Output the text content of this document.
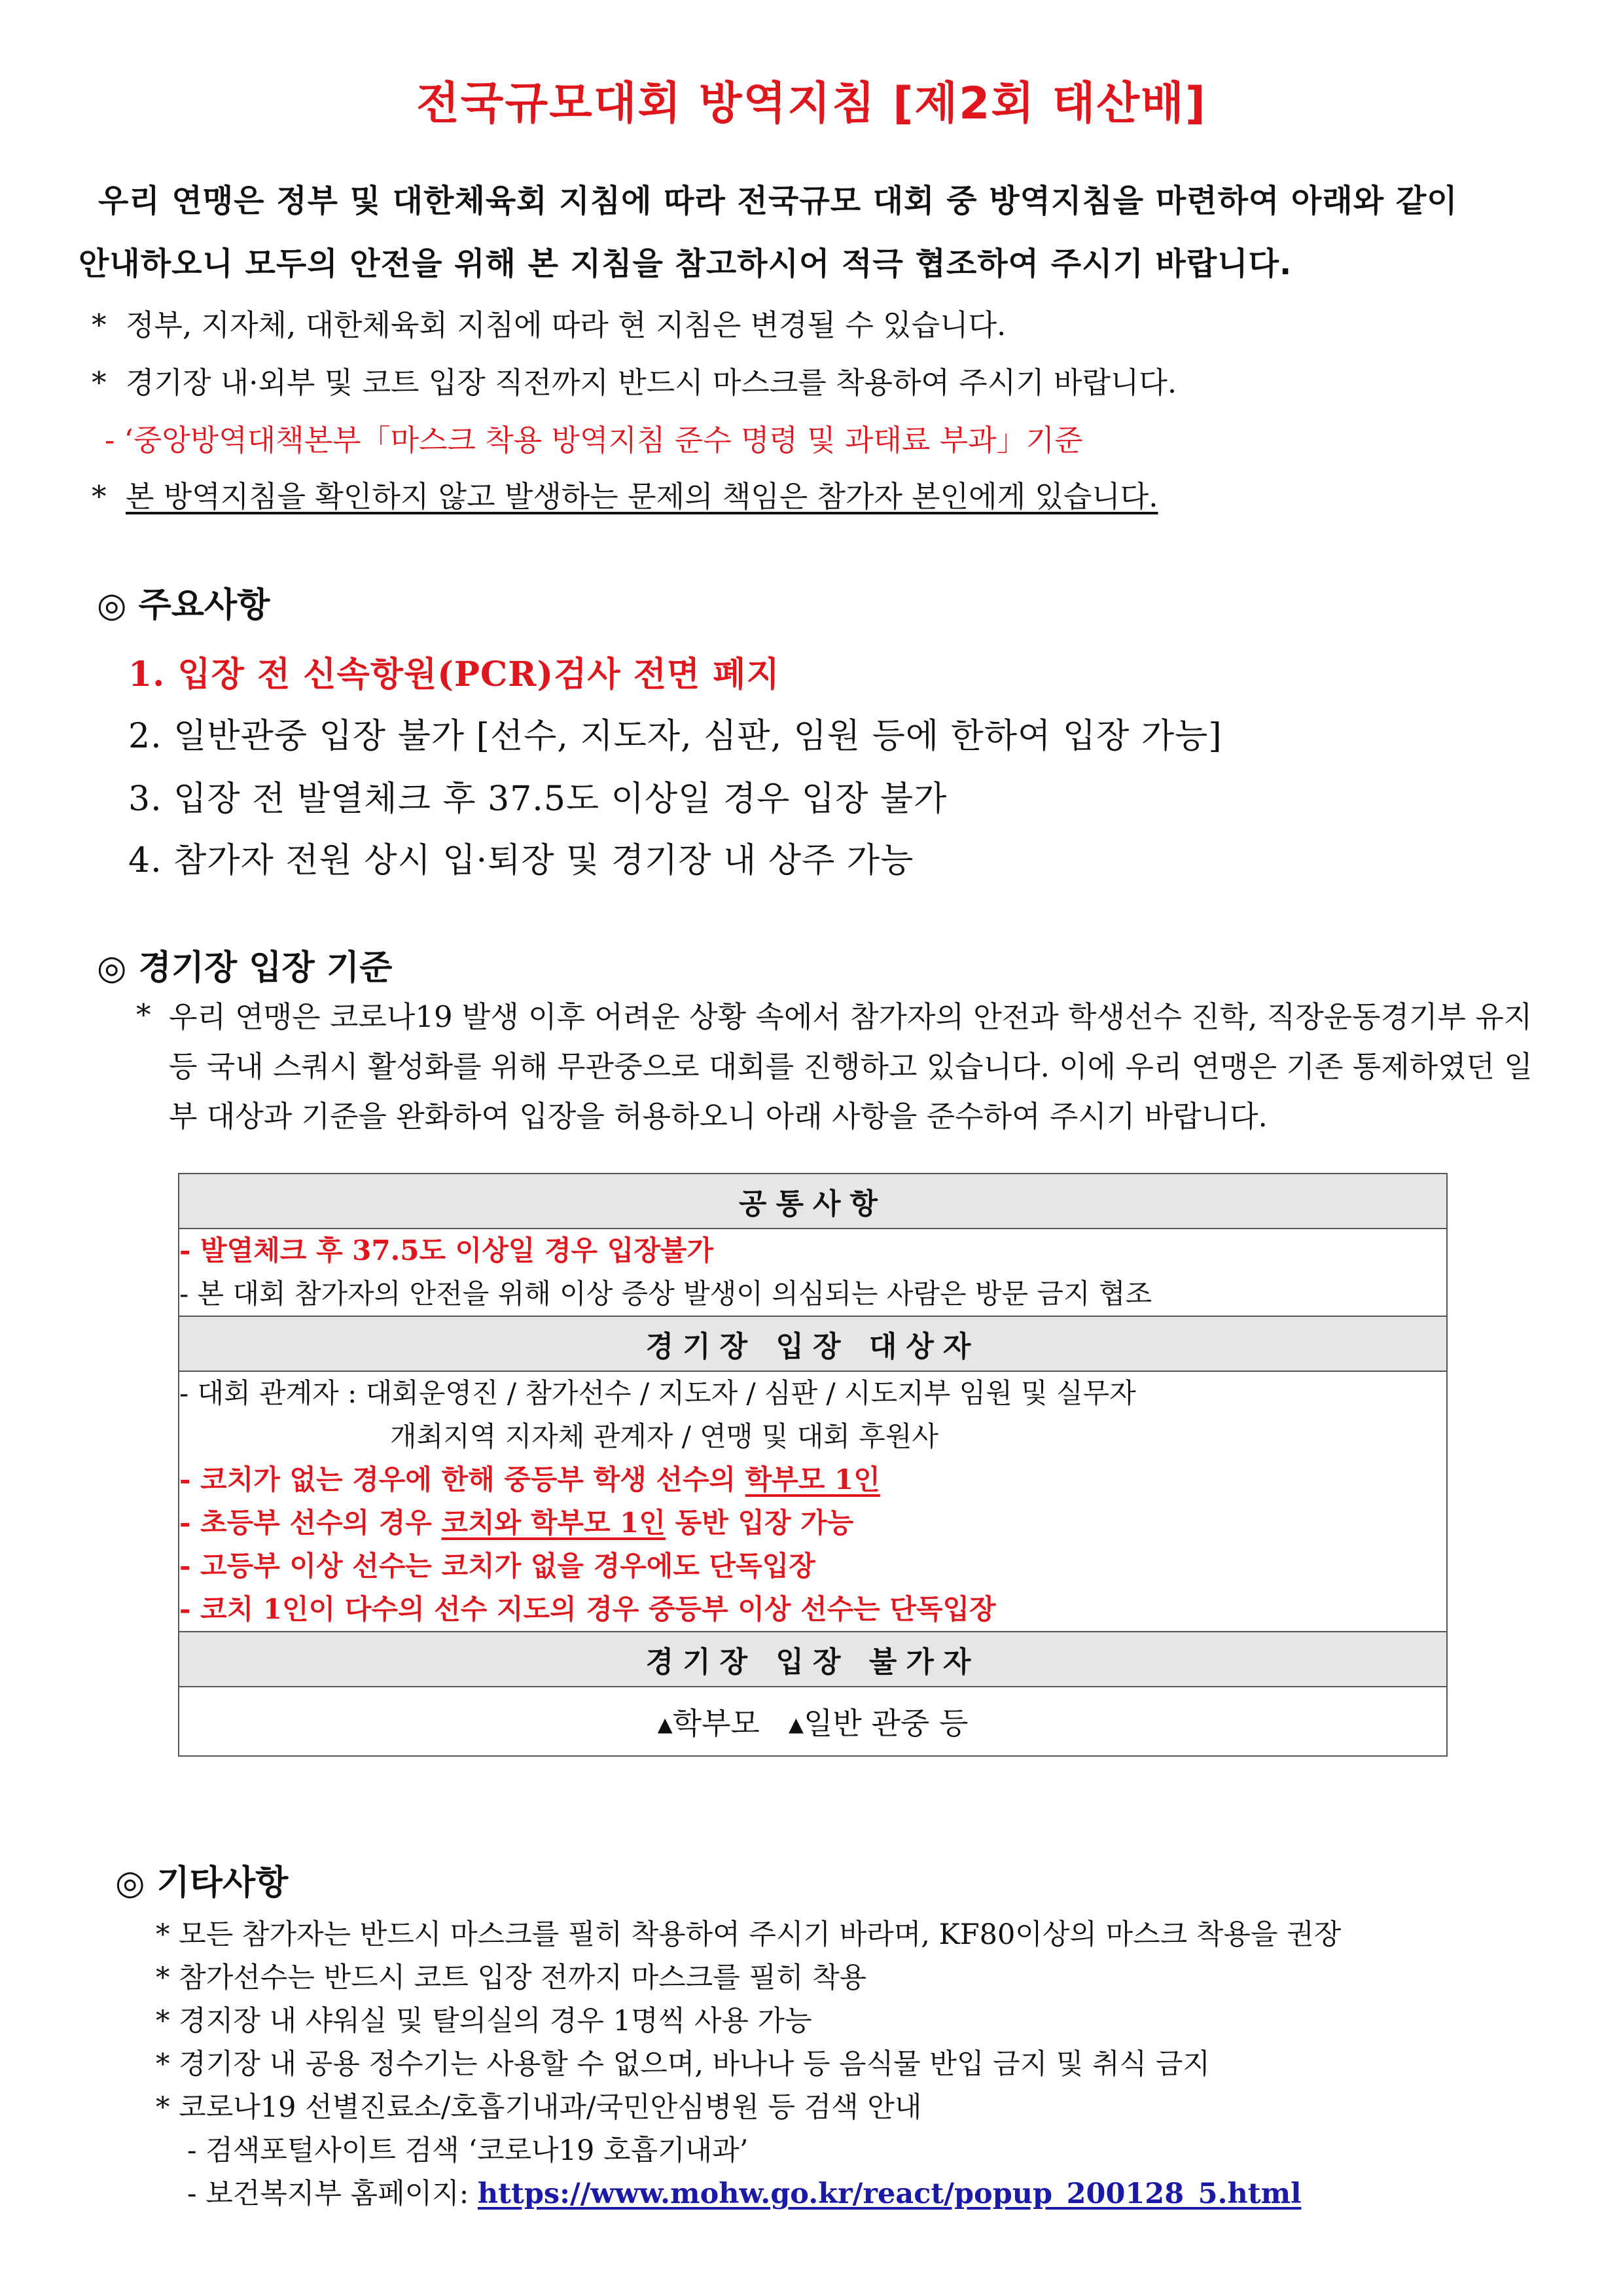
전국규모대회 방역지침 [제2회 태산배]
우리 연맹은 정부 및 대한체육회 지침에 따라 전국규모 대회 중 방역지침을 마련하여 아래와 같이
안내하오니 모두의 안전을 위해 본 지침을 참고하시어 적극 협조하여 주시기 바랍니다.
* 정부, 지자체, 대한체육회 지침에 따라 현 지침은 변경될 수 있습니다.
* 경기장 내·외부 및 코트 입장 직전까지 반드시 마스크를 착용하여 주시기 바랍니다.
- ‘중앙방역대책본부「마스크 착용 방역지침 준수 명령 및 과태료 부과」기준
* 본 방역지침을 확인하지 않고 발생하는 문제의 책임은 참가자 본인에게 있습니다.
◎ 주요사항
1. 입장 전 신속항원(PCR)검사 전면 폐지
2. 일반관중 입장 불가 [선수, 지도자, 심판, 임원 등에 한하여 입장 가능]
3. 입장 전 발열체크 후 37.5도 이상일 경우 입장 불가
4. 참가자 전원 상시 입·퇴장 및 경기장 내 상주 가능
◎ 경기장 입장 기준
* 우리 연맹은 코로나19 발생 이후 어려운 상황 속에서 참가자의 안전과 학생선수 진학, 직장운동경기부 유지 등 국내 스쿼시 활성화를 위해 무관중으로 대회를 진행하고 있습니다. 이에 우리 연맹은 기존 통제하였던 일부 대상과 기준을 완화하여 입장을 허용하오니 아래 사항을 준수하여 주시기 바랍니다.
공통사항

- 발열체크 후 37.5도 이상일 경우 입장불가
- 본 대회 참가자의 안전을 위해 이상 증상 발생이 의심되는 사람은 방문 금지 협조

경기장 입장 대상자

- 대회 관계자 : 대회운영진 / 참가선수 / 지도자 / 심판 / 시도지부 임원 및 실무자
개최지역 지자체 관계자 / 연맹 및 대회 후원사
- 코치가 없는 경우에 한해 중등부 학생 선수의 학부모 1인
- 초등부 선수의 경우 코치와 학부모 1인 동반 입장 가능
- 고등부 이상 선수는 코치가 없을 경우에도 단독입장
- 코치 1인이 다수의 선수 지도의 경우 중등부 이상 선수는 단독입장

경기장 입장 불가자
▴학부모 ▴일반 관중 등
◎ 기타사항
* 모든 참가자는 반드시 마스크를 필히 착용하여 주시기 바라며, KF80이상의 마스크 착용을 권장
* 참가선수는 반드시 코트 입장 전까지 마스크를 필히 착용
* 경지장 내 샤워실 및 탈의실의 경우 1명씩 사용 가능
* 경기장 내 공용 정수기는 사용할 수 없으며, 바나나 등 음식물 반입 금지 및 취식 금지
* 코로나19 선별진료소/호흡기내과/국민안심병원 등 검색 안내
- 검색포털사이트 검색 ‘코로나19 호흡기내과’
- 보건복지부 홈페이지: https://www.mohw.go.kr/react/popup_200128_5.html
